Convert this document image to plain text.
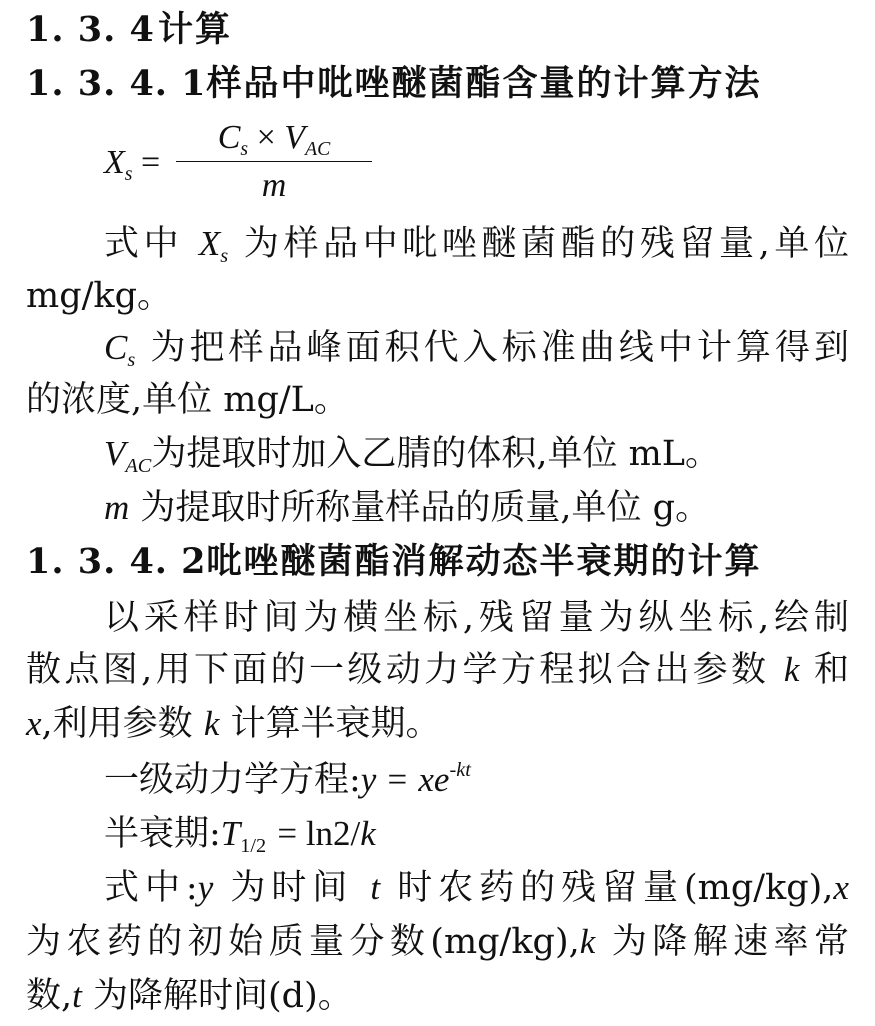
1. 3. 4计算
1. 3. 4. 1样品中吡唑醚菌酯含量的计算方法
$X_s$ =
$C_s \times V_{AC}$
m
式中 $X_s$ 为样品中吡唑醚菌酯的残留量,单位
mg/kg。
$C_s$ 为把样品峰面积代入标准曲线中计算得到
的浓度,单位 mg/L。
$V_{AC}$为提取时加入乙腈的体积,单位 mL。
m 为提取时所称量样品的质量,单位 g。
1. 3. 4. 2吡唑醚菌酯消解动态半衰期的计算
以采样时间为横坐标,残留量为纵坐标,绘制
散点图,用下面的一级动力学方程拟合出参数 k 和
x,利用参数 k 计算半衰期。
一级动力学方程:y = $xe^{-kt}$
半衰期$:T_{1/2} = \ln 2/k$
式中:y 为时间 t 时农药的残留量(mg/kg),x
为农药的初始质量分数(mg/kg),k 为降解速率常
数,t 为降解时间(d)。
